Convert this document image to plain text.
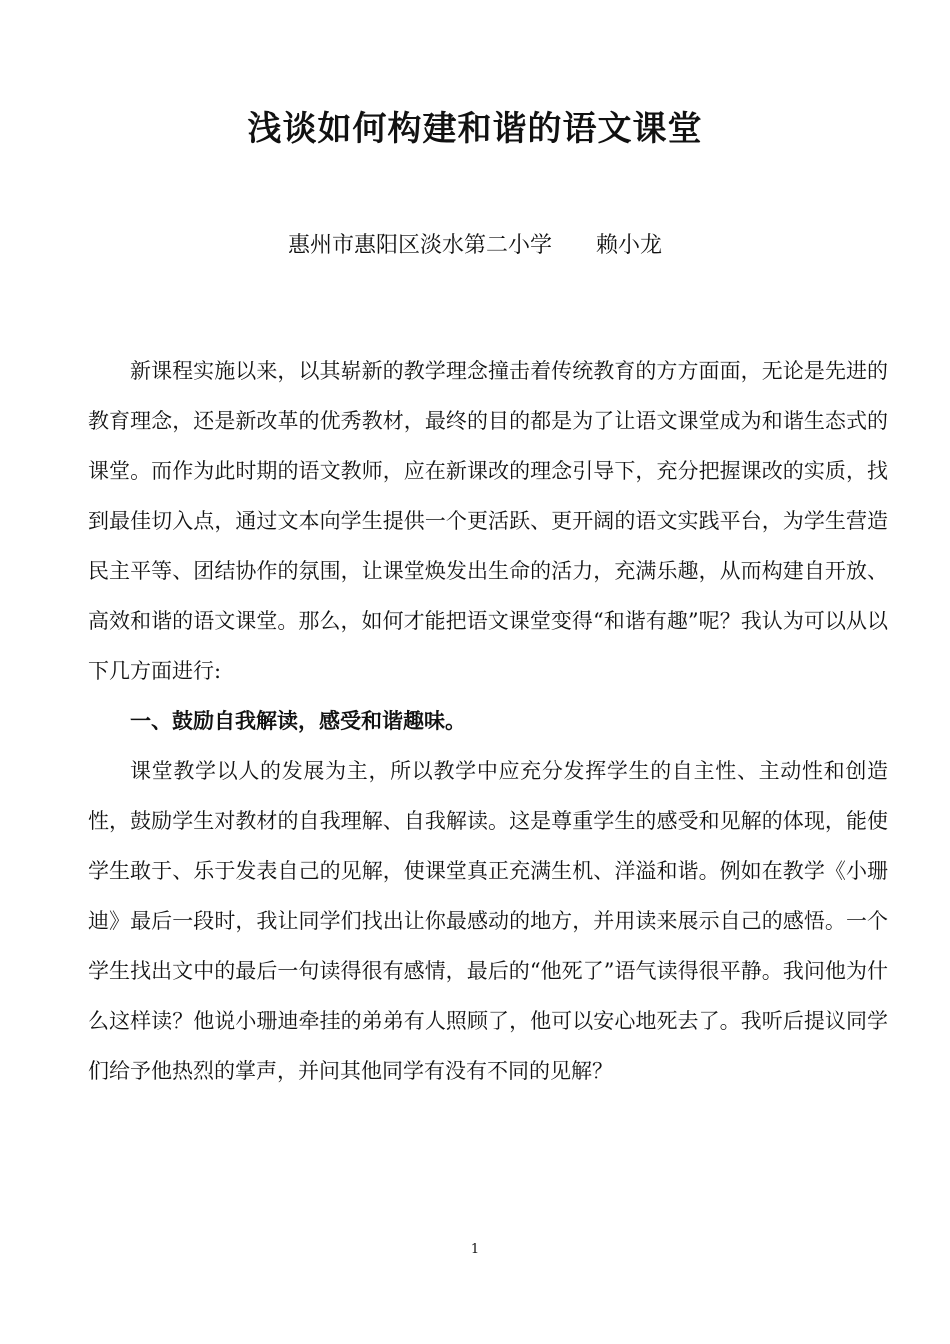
浅谈如何构建和谐的语文课堂
惠州市惠阳区淡水第二小学　　赖小龙

新课程实施以来，以其崭新的教学理念撞击着传统教育的方方面面，无论是先进的教育理念，还是新改革的优秀教材，最终的目的都是为了让语文课堂成为和谐生态式的课堂。而作为此时期的语文教师，应在新课改的理念引导下，充分把握课改的实质，找到最佳切入点，通过文本向学生提供一个更活跃、更开阔的语文实践平台，为学生营造民主平等、团结协作的氛围，让课堂焕发出生命的活力，充满乐趣，从而构建自开放、高效和谐的语文课堂。那么，如何才能把语文课堂变得“和谐有趣”呢？我认为可以从以下几方面进行:

一、鼓励自我解读，感受和谐趣味。

课堂教学以人的发展为主，所以教学中应充分发挥学生的自主性、主动性和创造性，鼓励学生对教材的自我理解、自我解读。这是尊重学生的感受和见解的体现，能使学生敢于、乐于发表自己的见解，使课堂真正充满生机、洋溢和谐。例如在教学《小珊迪》最后一段时，我让同学们找出让你最感动的地方，并用读来展示自己的感悟。一个学生找出文中的最后一句读得很有感情，最后的“他死了”语气读得很平静。我问他为什么这样读？他说小珊迪牵挂的弟弟有人照顾了，他可以安心地死去了。我听后提议同学们给予他热烈的掌声，并问其他同学有没有不同的见解？

1
